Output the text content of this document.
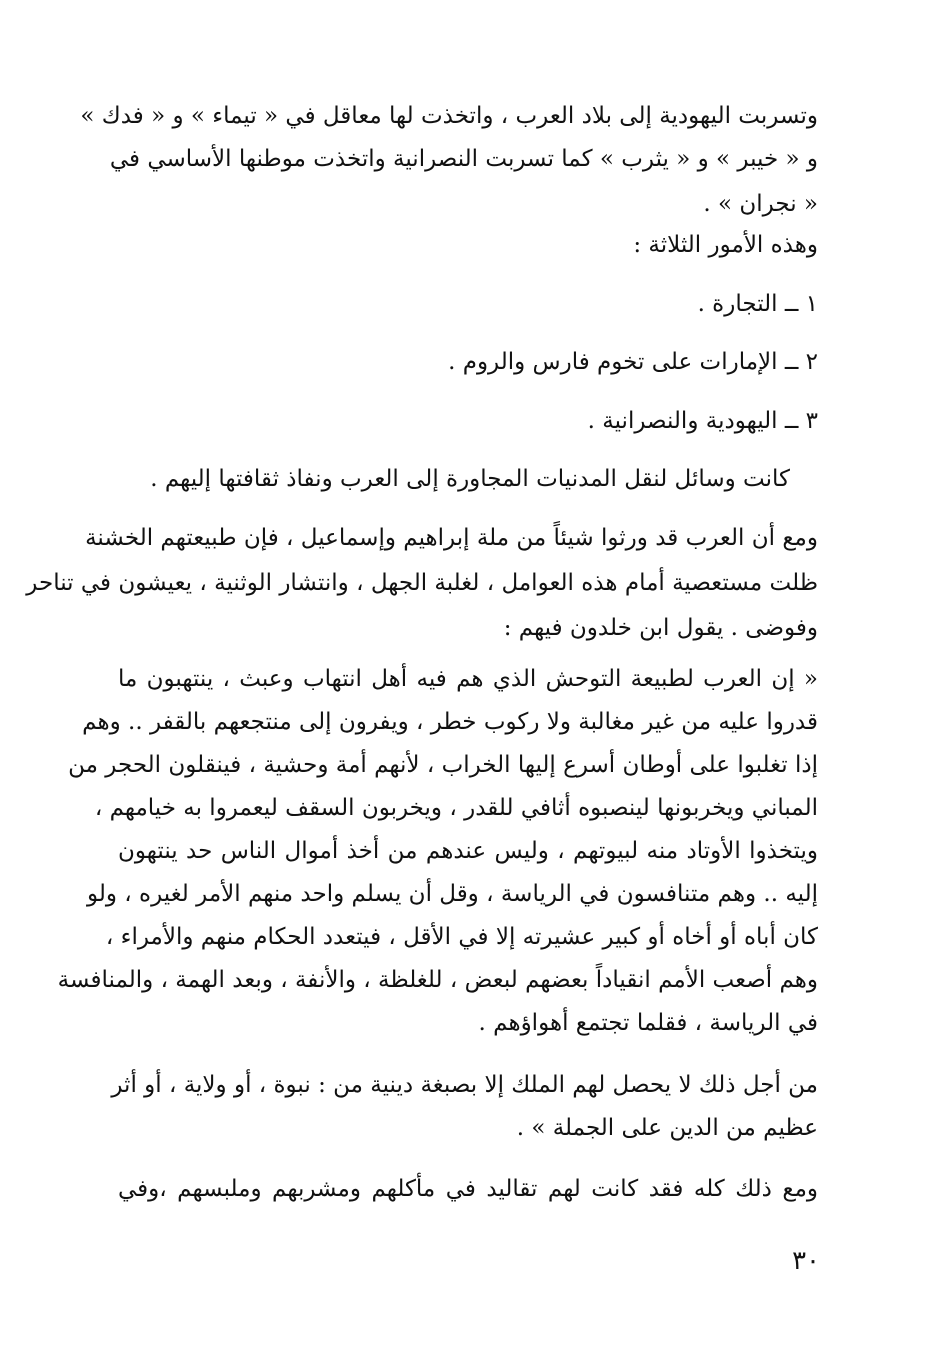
وتسربت اليهودية إلى بلاد العرب ، واتخذت لها معاقل في « تيماء » و « فدك »
و « خيبر » و « يثرب » كما تسربت النصرانية واتخذت موطنها الأساسي في
« نجران » .
وهذه الأمور الثلاثة :
١ ــ التجارة .
٢ ــ الإمارات على تخوم فارس والروم .
٣ ــ اليهودية والنصرانية .
كانت وسائل لنقل المدنيات المجاورة إلى العرب ونفاذ ثقافتها إليهم .
ومع أن العرب قد ورثوا شيئاً من ملة إبراهيم وإسماعيل ، فإن طبيعتهم الخشنة
ظلت مستعصية أمام هذه العوامل ، لغلبة الجهل ، وانتشار الوثنية ، يعيشون في تناحر
وفوضى . يقول ابن خلدون فيهم :
« إن العرب لطبيعة التوحش الذي هم فيه أهل انتهاب وعبث ، ينتهبون ما
قدروا عليه من غير مغالبة ولا ركوب خطر ، ويفرون إلى منتجعهم بالقفر .. وهم
إذا تغلبوا على أوطان أسرع إليها الخراب ، لأنهم أمة وحشية ، فينقلون الحجر من
المباني ويخربونها لينصبوه أثافي للقدر ، ويخربون السقف ليعمروا به خيامهم ،
ويتخذوا الأوتاد منه لبيوتهم ، وليس عندهم من أخذ أموال الناس حد ينتهون
إليه .. وهم متنافسون في الرياسة ، وقل أن يسلم واحد منهم الأمر لغيره ، ولو
كان أباه أو أخاه أو كبير عشيرته إلا في الأقل ، فيتعدد الحكام منهم والأمراء ،
وهم أصعب الأمم انقياداً بعضهم لبعض ، للغلظة ، والأنفة ، وبعد الهمة ، والمنافسة
في الرياسة ، فقلما تجتمع أهواؤهم .
من أجل ذلك لا يحصل لهم الملك إلا بصبغة دينية من : نبوة ، أو ولاية ، أو أثر
عظيم من الدين على الجملة » .
ومع ذلك كله فقد كانت لهم تقاليد في مأكلهم ومشربهم وملبسهم ،وفي
٣٠
